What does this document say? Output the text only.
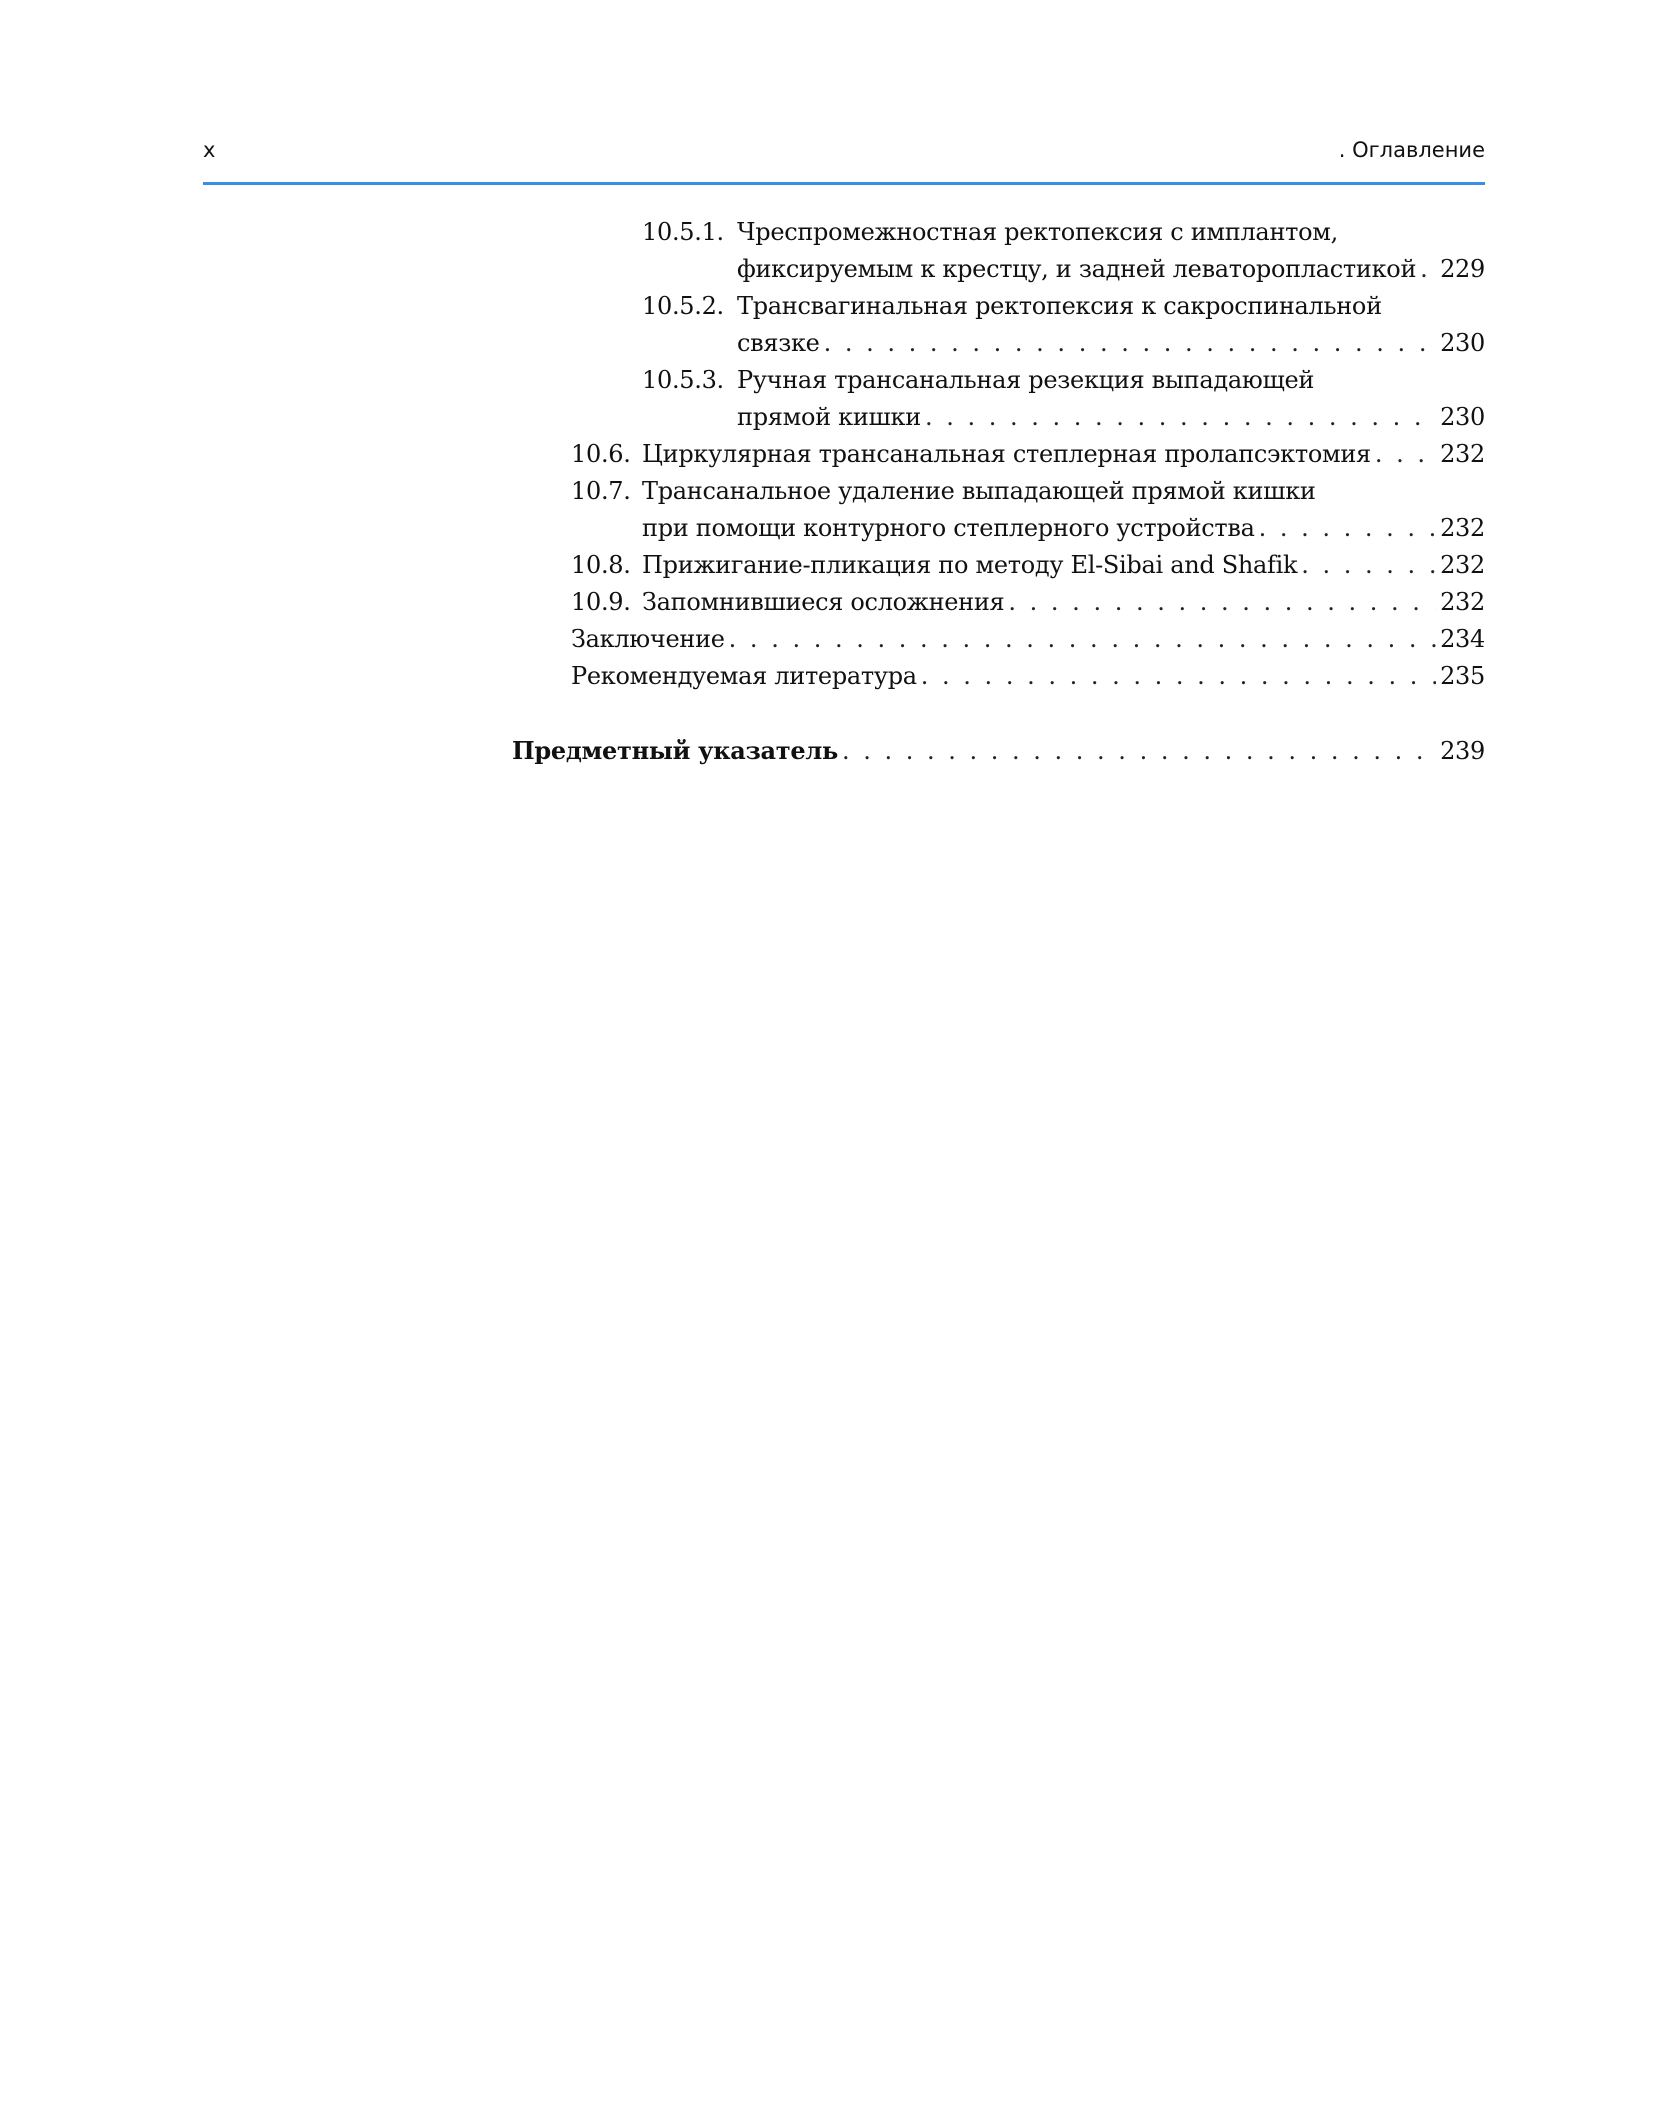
x	. Оглавление
10.5.1. Чреспромежностная ректопексия с имплантом,
фиксируемым к крестцу, и задней леваторопластикой . . . 229
10.5.2. Трансвагинальная ректопексия к сакроспинальной
связке . . .	230
10.5.3. Ручная трансанальная резекция выпадающей
прямой кишки . . .	230
10.6. Циркулярная трансанальная степлерная пролапсэктомия . . .	232
10.7. Трансанальное удаление выпадающей прямой кишки
при помощи контурного степлерного устройства . . .	232
10.8. Прижигание-пликация по методу El-Sibai and Shafik . . .	232
10.9. Запомнившиеся осложнения . . .	232
Заключение . . .	234
Рекомендуемая литература . . .	235
Предметный указатель . . .	239
